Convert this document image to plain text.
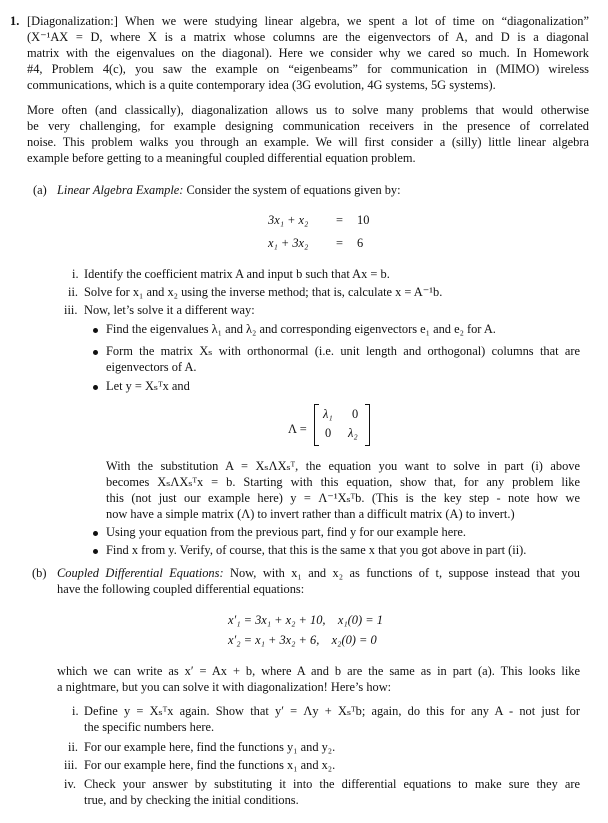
1. [Diagonalization:] When we were studying linear algebra, we spent a lot of time on “diagonalization”
(X⁻¹AX = D, where X is a matrix whose columns are the eigenvectors of A, and D is a diagonal
matrix with the eigenvalues on the diagonal). Here we consider why we cared so much. In Homework
#4, Problem 4(c), you saw the example on “eigenbeams” for communication in (MIMO) wireless
communications, which is a quite contemporary idea (3G evolution, 4G systems, 5G systems).
More often (and classically), diagonalization allows us to solve many problems that would otherwise
be very challenging, for example designing communication receivers in the presence of correlated
noise. This problem walks you through an example. We will first consider a (silly) little linear algebra
example before getting to a meaningful coupled differential equation problem.
(a) Linear Algebra Example: Consider the system of equations given by:
3x₁ + x₂ = 10
x₁ + 3x₂ = 6
i. Identify the coefficient matrix A and input b such that Ax = b.
ii. Solve for x₁ and x₂ using the inverse method; that is, calculate x = A⁻¹b.
iii. Now, let’s solve it a different way:
Find the eigenvalues λ₁ and λ₂ and corresponding eigenvectors e₁ and e₂ for A.
Form the matrix Xₛ with orthonormal (i.e. unit length and orthogonal) columns that are
eigenvectors of A.
Let y = Xₛᵀx and
Λ =
λ₁ 0
0 λ₂
With the substitution A = XₛΛXₛᵀ, the equation you want to solve in part (i) above
becomes XₛΛXₛᵀx = b. Starting with this equation, show that, for any problem like
this (not just our example here) y = Λ⁻¹Xₛᵀb. (This is the key step - note how we
now have a simple matrix (Λ) to invert rather than a difficult matrix (A) to invert.)
Using your equation from the previous part, find y for our example here.
Find x from y. Verify, of course, that this is the same x that you got above in part (ii).
(b) Coupled Differential Equations: Now, with x₁ and x₂ as functions of t, suppose instead that you
have the following coupled differential equations:
x′₁ = 3x₁ + x₂ + 10,    x₁(0) = 1
x′₂ = x₁ + 3x₂ + 6,    x₂(0) = 0
which we can write as x′ = Ax + b, where A and b are the same as in part (a). This looks like
a nightmare, but you can solve it with diagonalization! Here’s how:
i. Define y = Xₛᵀx again. Show that y′ = Λy + Xₛᵀb; again, do this for any A - not just for
the specific numbers here.
ii. For our example here, find the functions y₁ and y₂.
iii. For our example here, find the functions x₁ and x₂.
iv. Check your answer by substituting it into the differential equations to make sure they are
true, and by checking the initial conditions.
